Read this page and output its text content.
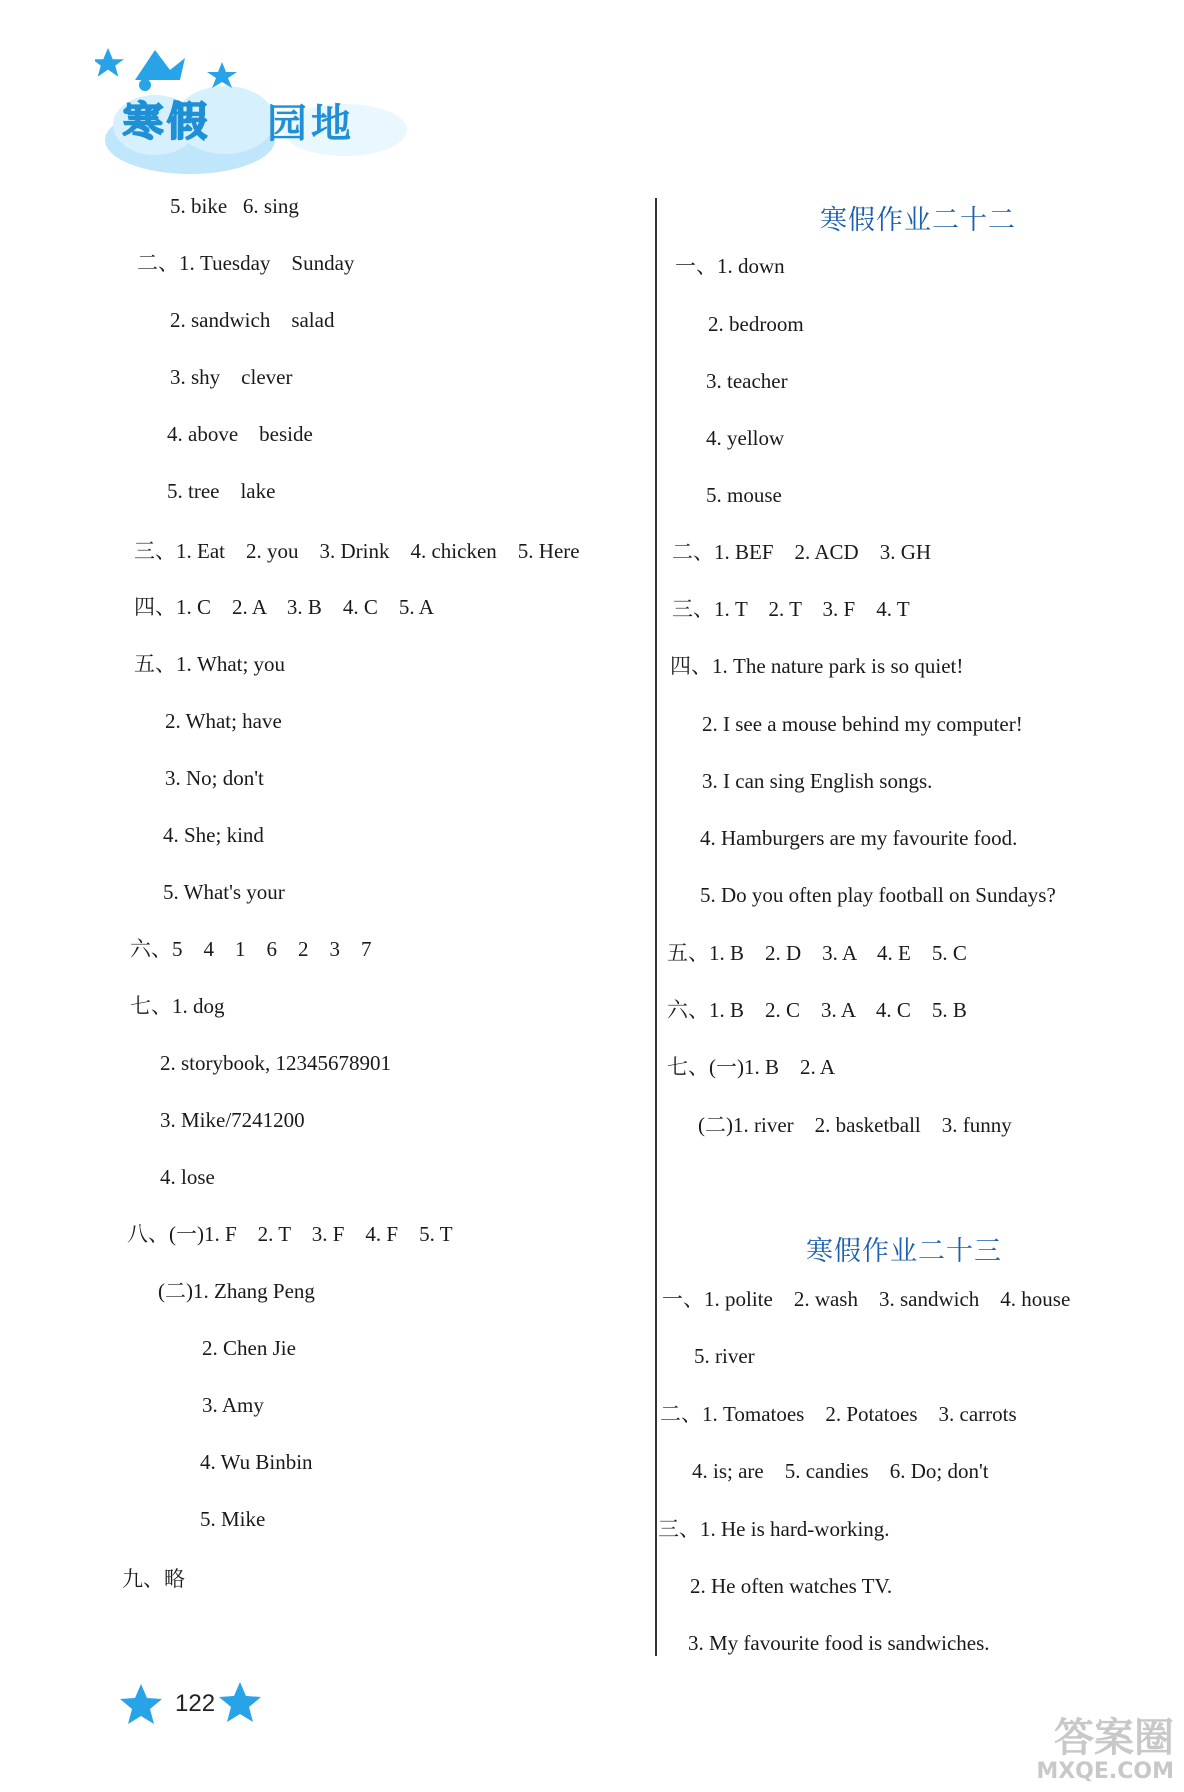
寒假 园地
5. bike   6. sing
二、1. Tuesday    Sunday
2. sandwich    salad
3. shy    clever
4. above    beside
5. tree    lake
三、1. Eat    2. you    3. Drink    4. chicken    5. Here
四、1. C    2. A    3. B    4. C    5. A
五、1. What; you
2. What; have
3. No; don't
4. She; kind
5. What's your
六、5    4    1    6    2    3    7
七、1. dog
2. storybook, 12345678901
3. Mike/7241200
4. lose
八、(一)1. F    2. T    3. F    4. F    5. T
(二)1. Zhang Peng
2. Chen Jie
3. Amy
4. Wu Binbin
5. Mike
九、略
寒假作业二十二
一、1. down
2. bedroom
3. teacher
4. yellow
5. mouse
二、1. BEF    2. ACD    3. GH
三、1. T    2. T    3. F    4. T
四、1. The nature park is so quiet!
2. I see a mouse behind my computer!
3. I can sing English songs.
4. Hamburgers are my favourite food.
5. Do you often play football on Sundays?
五、1. B    2. D    3. A    4. E    5. C
六、1. B    2. C    3. A    4. C    5. B
七、(一)1. B    2. A
(二)1. river    2. basketball    3. funny
寒假作业二十三
一、1. polite    2. wash    3. sandwich    4. house
5. river
二、1. Tomatoes    2. Potatoes    3. carrots
4. is; are    5. candies    6. Do; don't
三、1. He is hard-working.
2. He often watches TV.
3. My favourite food is sandwiches.
122
答案圈
MXQE.COM
